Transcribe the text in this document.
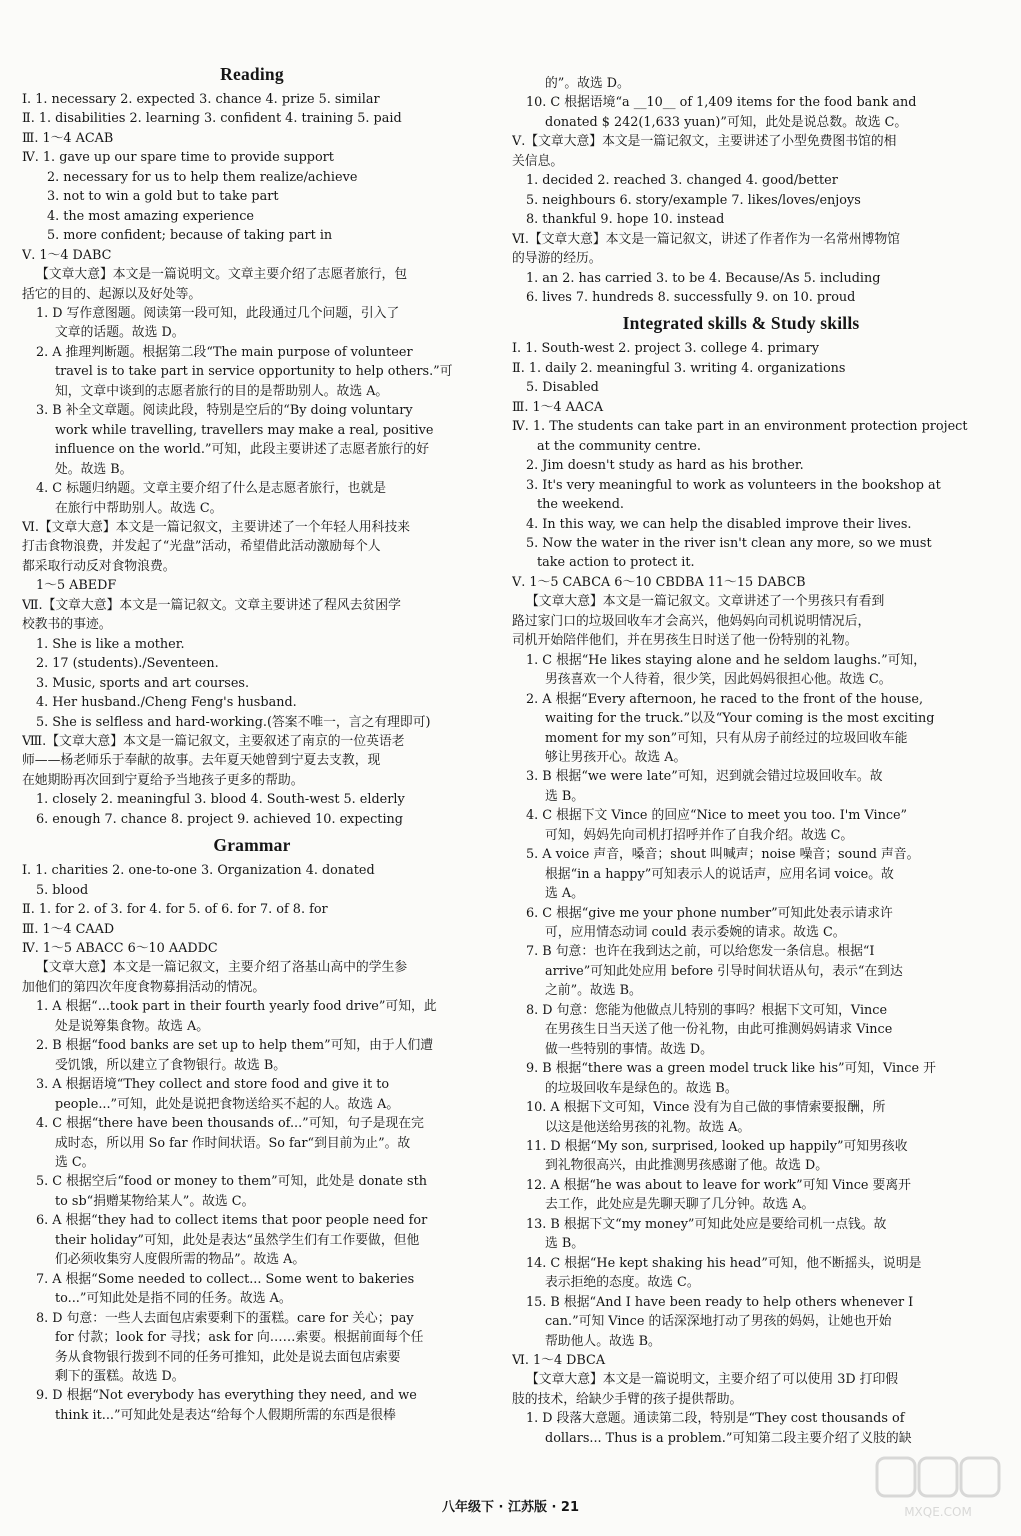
Reading
Ⅰ. 1. necessary 2. expected 3. chance 4. prize 5. similar
Ⅱ. 1. disabilities 2. learning 3. confident 4. training 5. paid
Ⅲ. 1～4 ACAB
Ⅳ. 1. gave up our spare time to provide support
2. necessary for us to help them realize/achieve
3. not to win a gold but to take part
4. the most amazing experience
5. more confident; because of taking part in
Ⅴ. 1～4 DABC
【文章大意】本文是一篇说明文。文章主要介绍了志愿者旅行，包
括它的目的、起源以及好处等。
1. D 写作意图题。阅读第一段可知，此段通过几个问题，引入了
文章的话题。故选 D。
2. A 推理判断题。根据第二段“The main purpose of volunteer
travel is to take part in service opportunity to help others.”可
知，文章中谈到的志愿者旅行的目的是帮助别人。故选 A。
3. B 补全文章题。阅读此段，特别是空后的“By doing voluntary
work while travelling, travellers may make a real, positive
influence on the world.”可知，此段主要讲述了志愿者旅行的好
处。故选 B。
4. C 标题归纳题。文章主要介绍了什么是志愿者旅行，也就是
在旅行中帮助别人。故选 C。
Ⅵ.【文章大意】本文是一篇记叙文，主要讲述了一个年轻人用科技来
打击食物浪费，并发起了“光盘”活动，希望借此活动激励每个人
都采取行动反对食物浪费。
1～5 ABEDF
Ⅶ.【文章大意】本文是一篇记叙文。文章主要讲述了程风去贫困学
校教书的事迹。
1. She is like a mother.
2. 17 (students)./Seventeen.
3. Music, sports and art courses.
4. Her husband./Cheng Feng's husband.
5. She is selfless and hard-working.(答案不唯一，言之有理即可)
Ⅷ.【文章大意】本文是一篇记叙文，主要叙述了南京的一位英语老
师——杨老师乐于奉献的故事。去年夏天她曾到宁夏去支教，现
在她期盼再次回到宁夏给予当地孩子更多的帮助。
1. closely 2. meaningful 3. blood 4. South-west 5. elderly
6. enough 7. chance 8. project 9. achieved 10. expecting
Grammar
Ⅰ. 1. charities 2. one-to-one 3. Organization 4. donated
5. blood
Ⅱ. 1. for 2. of 3. for 4. for 5. of 6. for 7. of 8. for
Ⅲ. 1～4 CAAD
Ⅳ. 1～5 ABACC 6～10 AADDC
【文章大意】本文是一篇记叙文，主要介绍了洛基山高中的学生参
加他们的第四次年度食物募捐活动的情况。
1. A 根据“...took part in their fourth yearly food drive”可知，此
处是说筹集食物。故选 A。
2. B 根据“food banks are set up to help them”可知，由于人们遭
受饥饿，所以建立了食物银行。故选 B。
3. A 根据语境“They collect and store food and give it to
people...”可知，此处是说把食物送给买不起的人。故选 A。
4. C 根据“there have been thousands of...”可知，句子是现在完
成时态，所以用 So far 作时间状语。So far“到目前为止”。故
选 C。
5. C 根据空后“food or money to them”可知，此处是 donate sth
to sb“捐赠某物给某人”。故选 C。
6. A 根据“they had to collect items that poor people need for
their holiday”可知，此处是表达“虽然学生们有工作要做，但他
们必须收集穷人度假所需的物品”。故选 A。
7. A 根据“Some needed to collect... Some went to bakeries
to...”可知此处是指不同的任务。故选 A。
8. D 句意：一些人去面包店索要剩下的蛋糕。care for 关心；pay
for 付款；look for 寻找；ask for 向……索要。根据前面每个任
务从食物银行拨到不同的任务可推知，此处是说去面包店索要
剩下的蛋糕。故选 D。
9. D 根据“Not everybody has everything they need, and we
think it...”可知此处是表达“给每个人假期所需的东西是很棒
的”。故选 D。
10. C 根据语境“a __10__ of 1,409 items for the food bank and
donated $ 242(1,633 yuan)”可知，此处是说总数。故选 C。
Ⅴ.【文章大意】本文是一篇记叙文，主要讲述了小型免费图书馆的相
关信息。
1. decided 2. reached 3. changed 4. good/better
5. neighbours 6. story/example 7. likes/loves/enjoys
8. thankful 9. hope 10. instead
Ⅵ.【文章大意】本文是一篇记叙文，讲述了作者作为一名常州博物馆
的导游的经历。
1. an 2. has carried 3. to be 4. Because/As 5. including
6. lives 7. hundreds 8. successfully 9. on 10. proud
Integrated skills & Study skills
Ⅰ. 1. South-west 2. project 3. college 4. primary
Ⅱ. 1. daily 2. meaningful 3. writing 4. organizations
5. Disabled
Ⅲ. 1～4 AACA
Ⅳ. 1. The students can take part in an environment protection project
at the community centre.
2. Jim doesn't study as hard as his brother.
3. It's very meaningful to work as volunteers in the bookshop at
the weekend.
4. In this way, we can help the disabled improve their lives.
5. Now the water in the river isn't clean any more, so we must
take action to protect it.
Ⅴ. 1～5 CABCA 6～10 CBDBA 11～15 DABCB
【文章大意】本文是一篇记叙文。文章讲述了一个男孩只有看到
路过家门口的垃圾回收车才会高兴，他妈妈向司机说明情况后，
司机开始陪伴他们，并在男孩生日时送了他一份特别的礼物。
1. C 根据“He likes staying alone and he seldom laughs.”可知，
男孩喜欢一个人待着，很少笑，因此妈妈很担心他。故选 C。
2. A 根据“Every afternoon, he raced to the front of the house,
waiting for the truck.”以及“Your coming is the most exciting
moment for my son”可知，只有从房子前经过的垃圾回收车能
够让男孩开心。故选 A。
3. B 根据“we were late”可知，迟到就会错过垃圾回收车。故
选 B。
4. C 根据下文 Vince 的回应“Nice to meet you too. I'm Vince”
可知，妈妈先向司机打招呼并作了自我介绍。故选 C。
5. A voice 声音，嗓音；shout 叫喊声；noise 噪音；sound 声音。
根据“in a happy”可知表示人的说话声，应用名词 voice。故
选 A。
6. C 根据“give me your phone number”可知此处表示请求许
可，应用情态动词 could 表示委婉的请求。故选 C。
7. B 句意：也许在我到达之前，可以给您发一条信息。根据“I
arrive”可知此处应用 before 引导时间状语从句，表示“在到达
之前”。故选 B。
8. D 句意：您能为他做点儿特别的事吗？根据下文可知，Vince
在男孩生日当天送了他一份礼物，由此可推测妈妈请求 Vince
做一些特别的事情。故选 D。
9. B 根据“there was a green model truck like his”可知，Vince 开
的垃圾回收车是绿色的。故选 B。
10. A 根据下文可知，Vince 没有为自己做的事情索要报酬，所
以这是他送给男孩的礼物。故选 A。
11. D 根据“My son, surprised, looked up happily”可知男孩收
到礼物很高兴，由此推测男孩感谢了他。故选 D。
12. A 根据“he was about to leave for work”可知 Vince 要离开
去工作，此处应是先聊天聊了几分钟。故选 A。
13. B 根据下文“my money”可知此处应是要给司机一点钱。故
选 B。
14. C 根据“He kept shaking his head”可知，他不断摇头，说明是
表示拒绝的态度。故选 C。
15. B 根据“And I have been ready to help others whenever I
can.”可知 Vince 的话深深地打动了男孩的妈妈，让她也开始
帮助他人。故选 B。
Ⅵ. 1～4 DBCA
【文章大意】本文是一篇说明文，主要介绍了可以使用 3D 打印假
肢的技术，给缺少手臂的孩子提供帮助。
1. D 段落大意题。通读第二段，特别是“They cost thousands of
dollars... Thus is a problem.”可知第二段主要介绍了义肢的缺
八年级下 · 江苏版 · 21	MXQE.COM
